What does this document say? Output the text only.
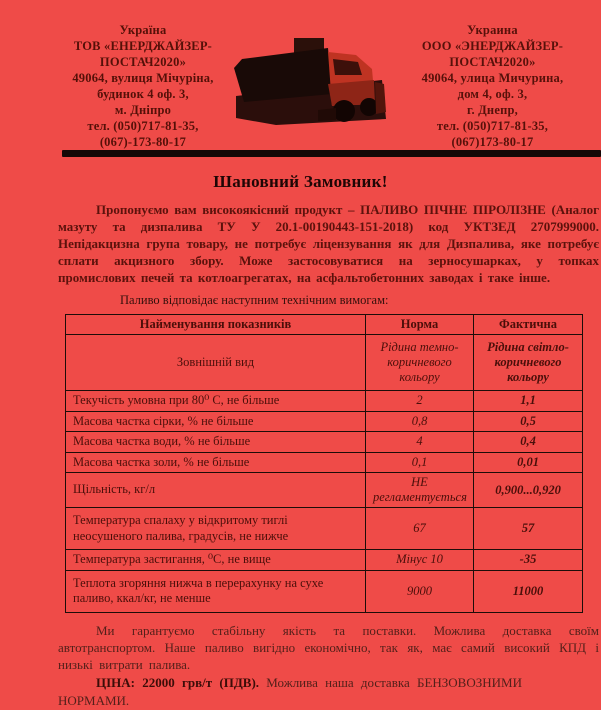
Україна
ТОВ «ЕНЕРДЖАЙЗЕР-
ПОСТАЧ2020»
49064, вулиця Мічуріна,
будинок 4 оф. 3,
м. Дніпро
тел. (050)717-81-35,
(067)-173-80-17
Украина
ООО «ЭНЕРДЖАЙЗЕР-
ПОСТАЧ2020»
49064, улица Мичурина,
дом 4, оф. 3,
г. Днепр,
тел. (050)717-81-35,
(067)173-80-17
Шановний Замовник!

Пропонуємо вам високоякісний продукт – ПАЛИВО ПІЧНЕ ПІРОЛІЗНЕ (Аналог мазуту та дизпалива ТУ У 20.1-00190443-151-2018) код УКТЗЕД 2707999000. Непідакцизна група товару, не потребує ліцензування як для Дизпалива, яке потребує сплати акцизного збору. Може застосовуватися на зерносушарках, у топках промислових печей та котлоагрегатах, на асфальтобетонних заводах і таке інше.

Паливо відповідає наступним технічним вимогам:
Найменування показників	Норма	Фактична
Зовнішній вид	Рідина темно-коричневого кольору	Рідина світло-коричневого кольору
Текучість умовна при 80⁰ С, не більше	2	1,1
Масова частка сірки, % не більше	0,8	0,5
Масова частка води, % не більше	4	0,4
Масова частка золи, % не більше	0,1	0,01
Щільність, кг/л	НЕ регламентується	0,900...0,920
Температура спалаху у відкритому тиглі неосушеного палива, градусів, не нижче	67	57
Температура застигання, ⁰С, не вище	Мінус 10	-35
Теплота згоряння нижча в перерахунку на сухе паливо, ккал/кг, не менше	9000	11000

Ми гарантуємо стабільну якість та поставки. Можлива доставка своїм автотранспортом. Наше паливо вигідно економічно, так як, має самий високий КПД і низькі витрати палива.

ЦІНА: 22000 грв/т (ПДВ). Можлива наша доставка БЕНЗОВОЗНИМИ НОРМАМИ.
